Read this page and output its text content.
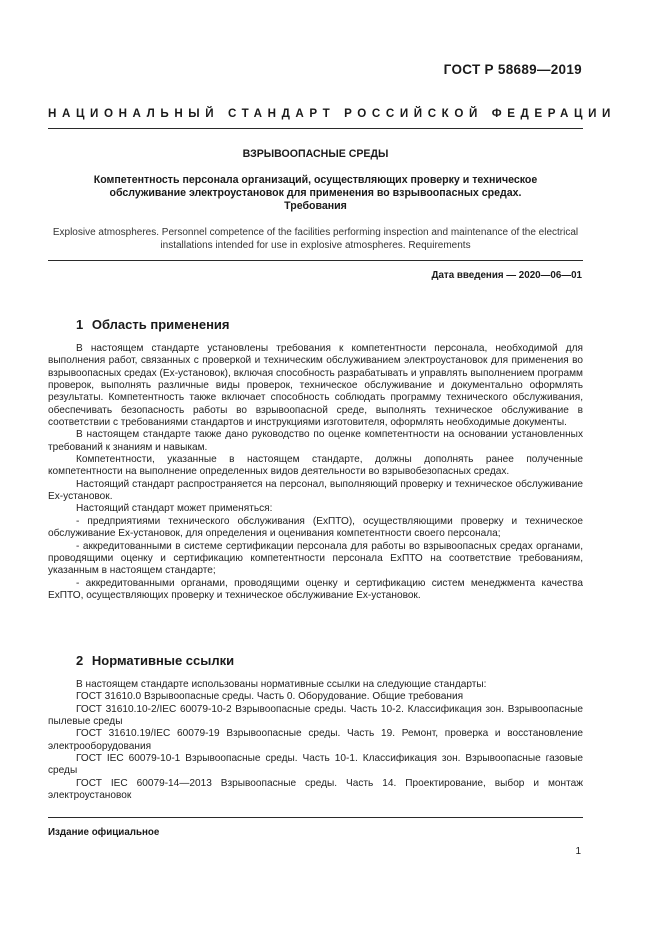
ГОСТ Р 58689—2019
НАЦИОНАЛЬНЫЙ СТАНДАРТ РОССИЙСКОЙ ФЕДЕРАЦИИ
ВЗРЫВООПАСНЫЕ СРЕДЫ
Компетентность персонала организаций, осуществляющих проверку и техническое
обслуживание электроустановок для применения во взрывоопасных средах.
Требования
Explosive atmospheres. Personnel competence of the facilities performing inspection and maintenance of the electrical
installations intended for use in explosive atmospheres. Requirements
Дата введения — 2020—06—01
1 Область применения

В настоящем стандарте установлены требования к компетентности персонала, необходимой для выполнения работ, связанных с проверкой и техническим обслуживанием электроустановок для применения во взрывоопасных средах (Ex-установок), включая способность разрабатывать и управлять выполнением программ проверок, выполнять различные виды проверок, техническое обслуживание и документально оформлять результаты. Компетентность также включает способность соблюдать программу технического обслуживания, обеспечивать безопасность работы во взрывоопасной среде, выполнять техническое обслуживание в соответствии с требованиями стандартов и инструкциями изготовителя, оформлять необходимые документы.

В настоящем стандарте также дано руководство по оценке компетентности на основании установленных требований к знаниям и навыкам.

Компетентности, указанные в настоящем стандарте, должны дополнять ранее полученные компетентности на выполнение определенных видов деятельности во взрывобезопасных средах.

Настоящий стандарт распространяется на персонал, выполняющий проверку и техническое обслуживание Ex-установок.

Настоящий стандарт может применяться:

- предприятиями технического обслуживания (ExПТО), осуществляющими проверку и техническое обслуживание Ex-установок, для определения и оценивания компетентности своего персонала;

- аккредитованными в системе сертификации персонала для работы во взрывоопасных средах органами, проводящими оценку и сертификацию компетентности персонала ExПТО на соответствие требованиям, указанным в настоящем стандарте;

- аккредитованными органами, проводящими оценку и сертификацию систем менеджмента качества ExПТО, осуществляющих проверку и техническое обслуживание Ex-установок.

2 Нормативные ссылки

В настоящем стандарте использованы нормативные ссылки на следующие стандарты:

ГОСТ 31610.0 Взрывоопасные среды. Часть 0. Оборудование. Общие требования

ГОСТ 31610.10-2/IEC 60079-10-2 Взрывоопасные среды. Часть 10-2. Классификация зон. Взрывоопасные пылевые среды

ГОСТ 31610.19/IEC 60079-19 Взрывоопасные среды. Часть 19. Ремонт, проверка и восстановление электрооборудования

ГОСТ IEC 60079-10-1 Взрывоопасные среды. Часть 10-1. Классификация зон. Взрывоопасные газовые среды

ГОСТ IEC 60079-14—2013 Взрывоопасные среды. Часть 14. Проектирование, выбор и монтаж электроустановок

Издание официальное
1
